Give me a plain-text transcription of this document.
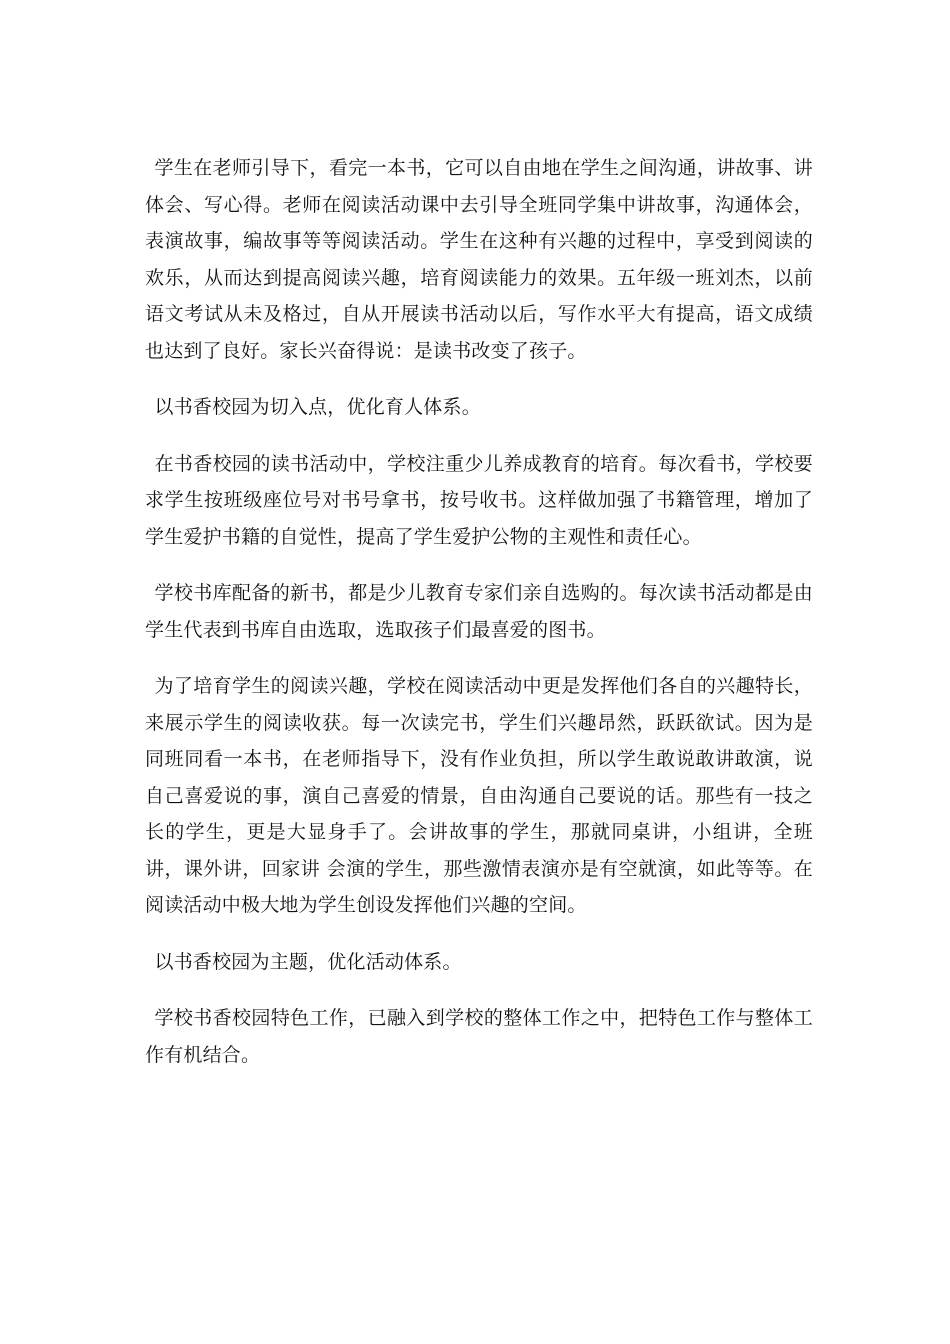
学生在老师引导下，看完一本书，它可以自由地在学生之间沟通，讲故事、讲体会、写心得。老师在阅读活动课中去引导全班同学集中讲故事，沟通体会，表演故事，编故事等等阅读活动。学生在这种有兴趣的过程中，享受到阅读的欢乐，从而达到提高阅读兴趣，培育阅读能力的效果。五年级一班刘杰，以前语文考试从未及格过，自从开展读书活动以后，写作水平大有提高，语文成绩也达到了良好。家长兴奋得说：是读书改变了孩子。

以书香校园为切入点，优化育人体系。

在书香校园的读书活动中，学校注重少儿养成教育的培育。每次看书，学校要求学生按班级座位号对书号拿书，按号收书。这样做加强了书籍管理，增加了学生爱护书籍的自觉性，提高了学生爱护公物的主观性和责任心。

学校书库配备的新书，都是少儿教育专家们亲自选购的。每次读书活动都是由学生代表到书库自由选取，选取孩子们最喜爱的图书。

为了培育学生的阅读兴趣，学校在阅读活动中更是发挥他们各自的兴趣特长，来展示学生的阅读收获。每一次读完书，学生们兴趣昂然，跃跃欲试。因为是同班同看一本书，在老师指导下，没有作业负担，所以学生敢说敢讲敢演，说自己喜爱说的事，演自己喜爱的情景，自由沟通自己要说的话。那些有一技之长的学生，更是大显身手了。会讲故事的学生，那就同桌讲，小组讲，全班讲，课外讲，回家讲 会演的学生，那些激情表演亦是有空就演，如此等等。在阅读活动中极大地为学生创设发挥他们兴趣的空间。

以书香校园为主题，优化活动体系。

学校书香校园特色工作，已融入到学校的整体工作之中，把特色工作与整体工作有机结合。
